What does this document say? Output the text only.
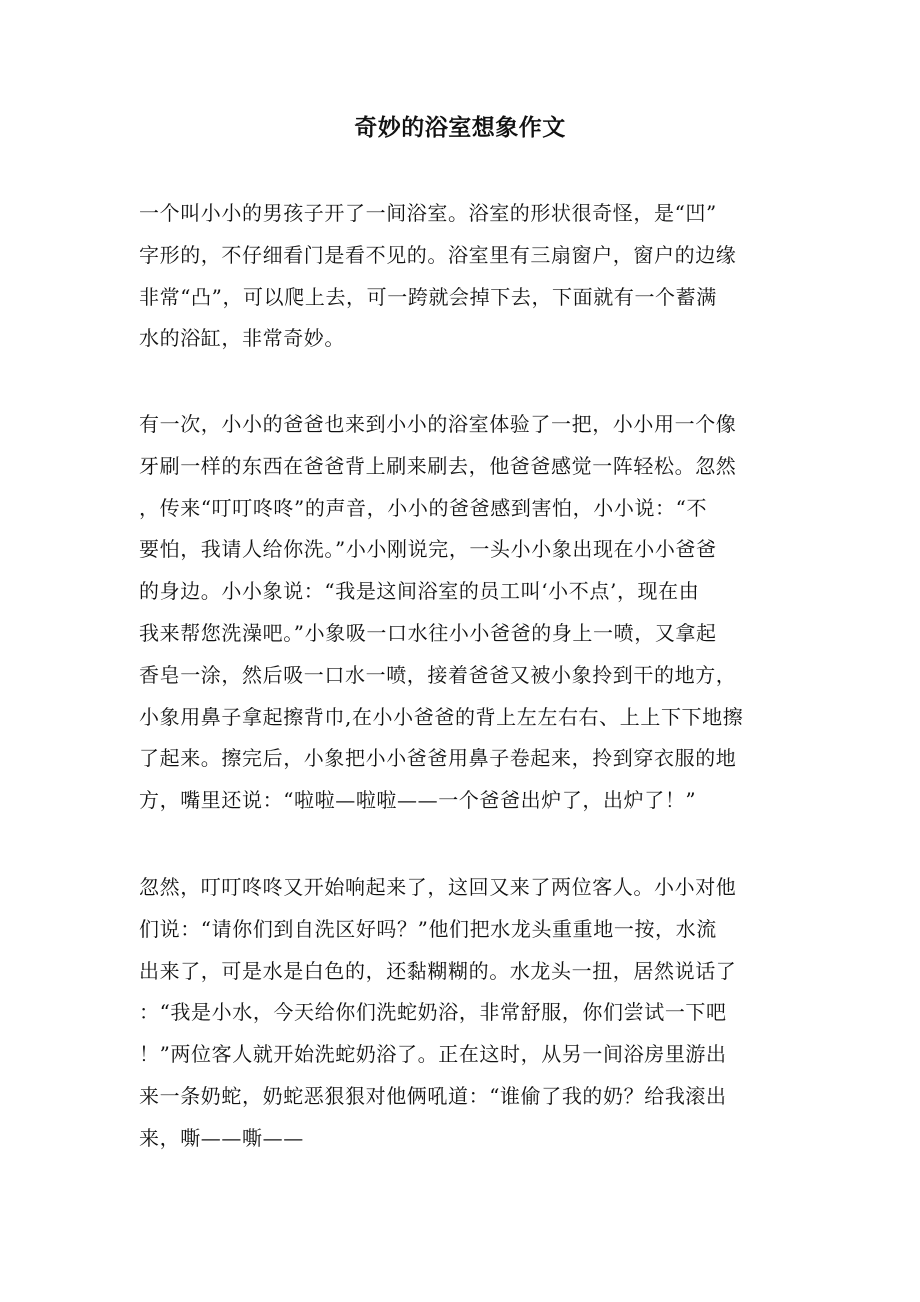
奇妙的浴室想象作文
一个叫小小的男孩子开了一间浴室。浴室的形状很奇怪，是“凹”
字形的，不仔细看门是看不见的。浴室里有三扇窗户，窗户的边缘
非常“凸”，可以爬上去，可一跨就会掉下去，下面就有一个蓄满
水的浴缸，非常奇妙。
有一次，小小的爸爸也来到小小的浴室体验了一把，小小用一个像
牙刷一样的东西在爸爸背上刷来刷去，他爸爸感觉一阵轻松。忽然
，传来“叮叮咚咚”的声音，小小的爸爸感到害怕，小小说：“不
要怕，我请人给你洗。”小小刚说完，一头小小象出现在小小爸爸
的身边。小小象说：“我是这间浴室的员工叫‘小不点’，现在由
我来帮您洗澡吧。”小象吸一口水往小小爸爸的身上一喷，又拿起
香皂一涂，然后吸一口水一喷，接着爸爸又被小象拎到干的地方，
小象用鼻子拿起擦背巾,在小小爸爸的背上左左右右、上上下下地擦
了起来。擦完后，小象把小小爸爸用鼻子卷起来，拎到穿衣服的地
方，嘴里还说：“啦啦—啦啦——一个爸爸出炉了，出炉了！”
忽然，叮叮咚咚又开始响起来了，这回又来了两位客人。小小对他
们说：“请你们到自洗区好吗？”他们把水龙头重重地一按，水流
出来了，可是水是白色的，还黏糊糊的。水龙头一扭，居然说话了
：“我是小水，今天给你们洗蛇奶浴，非常舒服，你们尝试一下吧
！”两位客人就开始洗蛇奶浴了。正在这时，从另一间浴房里游出
来一条奶蛇，奶蛇恶狠狠对他俩吼道：“谁偷了我的奶？给我滚出
来，嘶——嘶——
